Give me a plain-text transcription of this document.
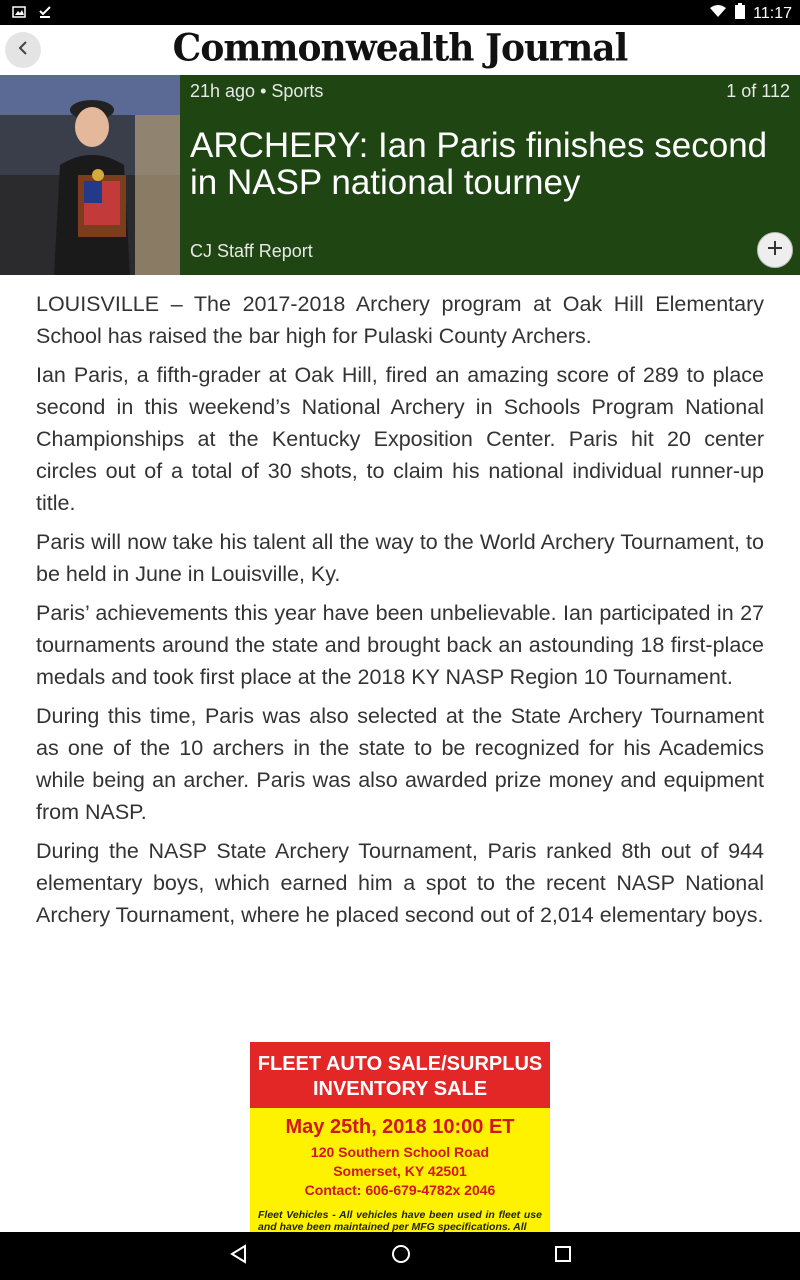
11:17
Commonwealth Journal
21h ago • Sports	1 of 112
ARCHERY: Ian Paris finishes second in NASP national tourney
CJ Staff Report

LOUISVILLE – The 2017-2018 Archery program at Oak Hill Elementary School has raised the bar high for Pulaski County Archers.

Ian Paris, a fifth-grader at Oak Hill, fired an amazing score of 289 to place second in this weekend’s National Archery in Schools Program National Championships at the Kentucky Exposition Center. Paris hit 20 center circles out of a total of 30 shots, to claim his national individual runner-up title.

Paris will now take his talent all the way to the World Archery Tournament, to be held in June in Louisville, Ky.

Paris’ achievements this year have been unbelievable. Ian participated in 27 tournaments around the state and brought back an astounding 18 first-place medals and took first place at the 2018 KY NASP Region 10 Tournament.

During this time, Paris was also selected at the State Archery Tournament as one of the 10 archers in the state to be recognized for his Academics while being an archer. Paris was also awarded prize money and equipment from NASP.

During the NASP State Archery Tournament, Paris ranked 8th out of 944 elementary boys, which earned him a spot to the recent NASP National Archery Tournament, where he placed second out of 2,014 elementary boys.

FLEET AUTO SALE/SURPLUS
INVENTORY SALE
May 25th, 2018 10:00 ET
120 Southern School Road
Somerset, KY 42501
Contact: 606-679-4782x 2046
Fleet Vehicles - All vehicles have been used in fleet use and have been maintained per MFG specifications. All
